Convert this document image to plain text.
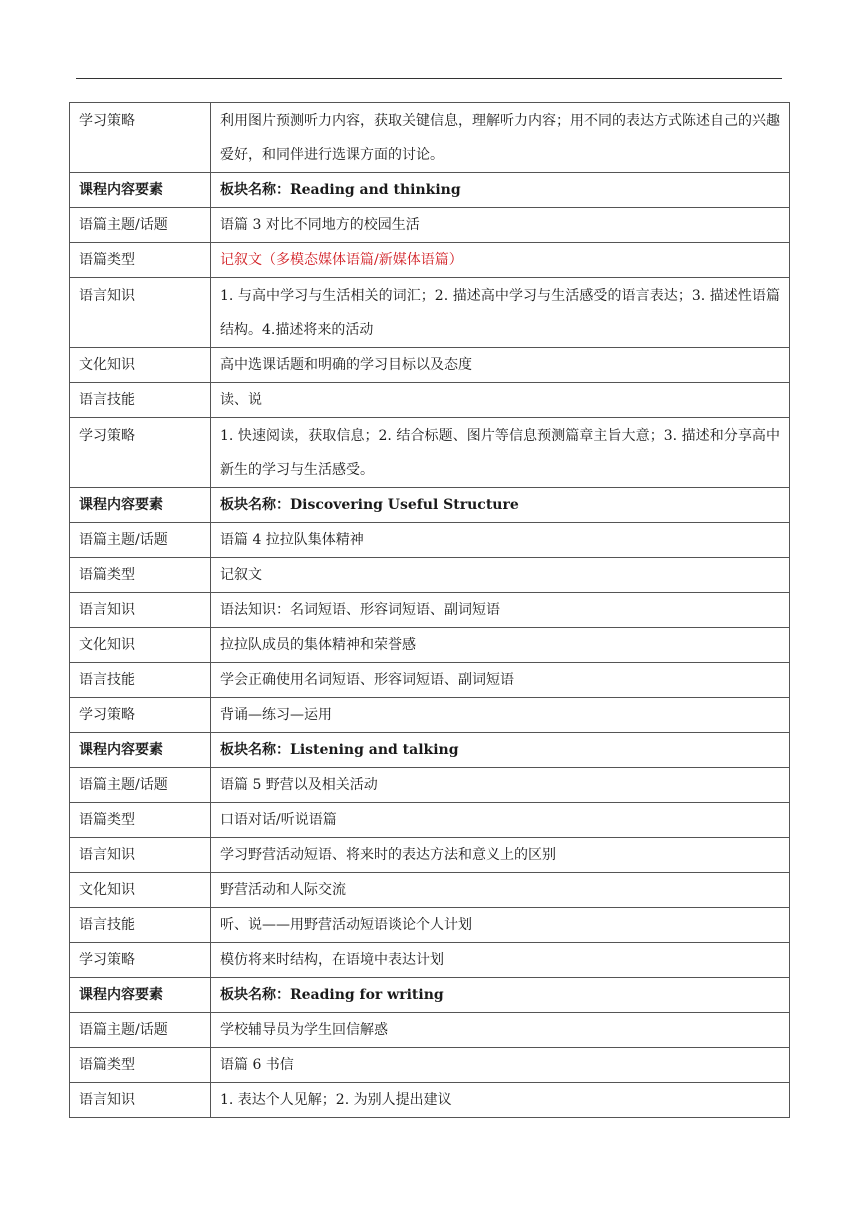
学习策略	利用图片预测听力内容，获取关键信息，理解听力内容；用不同的表达方式陈述自己的兴趣爱好，和同伴进行选课方面的讨论。
课程内容要素	板块名称：Reading and thinking
语篇主题/话题	语篇 3 对比不同地方的校园生活
语篇类型	记叙文（多模态媒体语篇/新媒体语篇）
语言知识	1. 与高中学习与生活相关的词汇；2. 描述高中学习与生活感受的语言表达；3. 描述性语篇结构。4.描述将来的活动
文化知识	高中选课话题和明确的学习目标以及态度
语言技能	读、说
学习策略	1. 快速阅读，获取信息；2. 结合标题、图片等信息预测篇章主旨大意；3. 描述和分享高中新生的学习与生活感受。
课程内容要素	板块名称：Discovering Useful Structure
语篇主题/话题	语篇 4 拉拉队集体精神
语篇类型	记叙文
语言知识	语法知识：名词短语、形容词短语、副词短语
文化知识	拉拉队成员的集体精神和荣誉感
语言技能	学会正确使用名词短语、形容词短语、副词短语
学习策略	背诵—练习—运用
课程内容要素	板块名称：Listening and talking
语篇主题/话题	语篇 5 野营以及相关活动
语篇类型	口语对话/听说语篇
语言知识	学习野营活动短语、将来时的表达方法和意义上的区别
文化知识	野营活动和人际交流
语言技能	听、说——用野营活动短语谈论个人计划
学习策略	模仿将来时结构，在语境中表达计划
课程内容要素	板块名称：Reading for writing
语篇主题/话题	学校辅导员为学生回信解惑
语篇类型	语篇 6 书信
语言知识	1. 表达个人见解；2. 为别人提出建议
